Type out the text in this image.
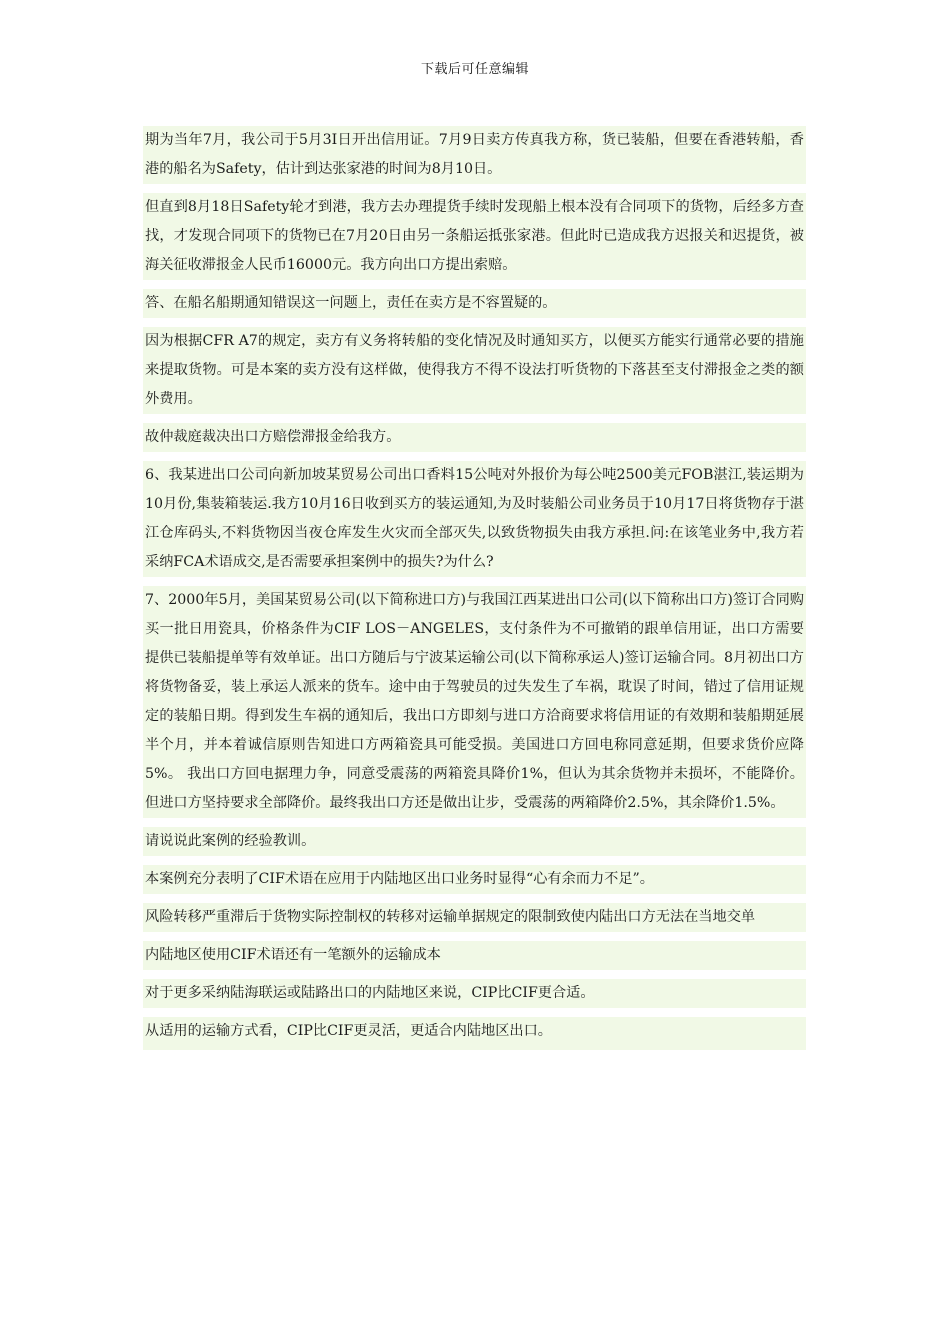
下载后可任意编辑

期为当年7月，我公司于5月3I日开出信用证。7月9日卖方传真我方称，货已装船，但要在香港转船，香港的船名为Safety，估计到达张家港的时间为8月10日。

但直到8月18日Safety轮才到港，我方去办理提货手续时发现船上根本没有合同项下的货物，后经多方查找，才发现合同项下的货物已在7月20日由另一条船运抵张家港。但此时已造成我方迟报关和迟提货，被海关征收滞报金人民币16000元。我方向出口方提出索赔。

答、在船名船期通知错误这一问题上，责任在卖方是不容置疑的。

因为根据CFR A7的规定，卖方有义务将转船的变化情况及时通知买方，以便买方能实行通常必要的措施来提取货物。可是本案的卖方没有这样做，使得我方不得不设法打听货物的下落甚至支付滞报金之类的额外费用。

故仲裁庭裁决出口方赔偿滞报金给我方。

6、我某进出口公司向新加坡某贸易公司出口香料15公吨对外报价为每公吨2500美元FOB湛江,装运期为10月份,集装箱装运.我方10月16日收到买方的装运通知,为及时装船公司业务员于10月17日将货物存于湛江仓库码头,不料货物因当夜仓库发生火灾而全部灭失,以致货物损失由我方承担.问:在该笔业务中,我方若采纳FCA术语成交,是否需要承担案例中的损失?为什么?

7、2000年5月，美国某贸易公司(以下简称进口方)与我国江西某进出口公司(以下简称出口方)签订合同购买一批日用瓷具，价格条件为CIF LOS－ANGELES，支付条件为不可撤销的跟单信用证，出口方需要提供已装船提单等有效单证。出口方随后与宁波某运输公司(以下简称承运人)签订运输合同。8月初出口方将货物备妥，装上承运人派来的货车。途中由于驾驶员的过失发生了车祸，耽误了时间，错过了信用证规定的装船日期。得到发生车祸的通知后，我出口方即刻与进口方洽商要求将信用证的有效期和装船期延展半个月，并本着诚信原则告知进口方两箱瓷具可能受损。美国进口方回电称同意延期，但要求货价应降5%。 我出口方回电据理力争，同意受震荡的两箱瓷具降价1%，但认为其余货物并未损坏，不能降价。但进口方坚持要求全部降价。最终我出口方还是做出让步，受震荡的两箱降价2.5%，其余降价1.5%。

请说说此案例的经验教训。

本案例充分表明了CIF术语在应用于内陆地区出口业务时显得“心有余而力不足”。

风险转移严重滞后于货物实际控制权的转移对运输单据规定的限制致使内陆出口方无法在当地交单

内陆地区使用CIF术语还有一笔额外的运输成本

对于更多采纳陆海联运或陆路出口的内陆地区来说，CIP比CIF更合适。

从适用的运输方式看，CIP比CIF更灵活，更适合内陆地区出口。
